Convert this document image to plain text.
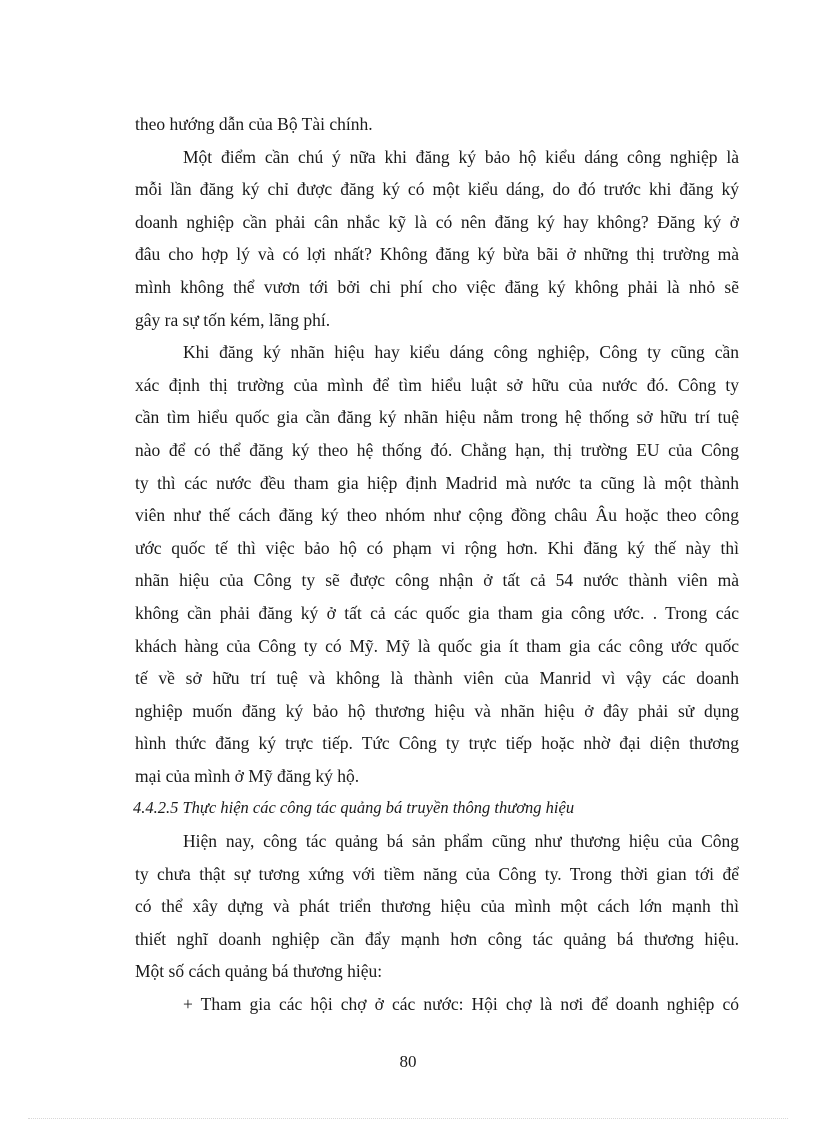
theo hướng dẫn của Bộ Tài chính.
Một điểm cần chú ý nữa khi đăng ký bảo hộ kiểu dáng công nghiệp là
mỗi lần đăng ký chỉ được đăng ký có một kiểu dáng, do đó trước khi đăng ký
doanh nghiệp cần phải cân nhắc kỹ là có nên đăng ký hay không? Đăng ký ở
đâu cho hợp lý và có lợi nhất? Không đăng ký bừa bãi ở những thị trường mà
mình không thể vươn tới bởi chi phí cho việc đăng ký không phải là nhỏ sẽ
gây ra sự tốn kém, lãng phí.
Khi đăng ký nhãn hiệu hay kiểu dáng công nghiệp, Công ty cũng cần
xác định thị trường của mình để tìm hiểu luật sở hữu của nước đó. Công ty
cần tìm hiểu quốc gia cần đăng ký nhãn hiệu nằm trong hệ thống sở hữu trí tuệ
nào để có thể đăng ký theo hệ thống đó. Chẳng hạn, thị trường EU của Công
ty thì các nước đều tham gia hiệp định Madrid mà nước ta cũng là một thành
viên như thế cách đăng ký theo nhóm như cộng đồng châu Âu hoặc theo công
ước quốc tế thì việc bảo hộ có phạm vi rộng hơn. Khi đăng ký thế này thì
nhãn hiệu của Công ty sẽ được công nhận ở tất cả 54 nước thành viên mà
không cần phải đăng ký ở tất cả các quốc gia tham gia công ước. . Trong các
khách hàng của Công ty có Mỹ. Mỹ là quốc gia ít tham gia các công ước quốc
tế về sở hữu trí tuệ và không là thành viên của Manrid vì vậy các doanh
nghiệp muốn đăng ký bảo hộ thương hiệu và nhãn hiệu ở đây phải sử dụng
hình thức đăng ký trực tiếp. Tức Công ty trực tiếp hoặc nhờ đại diện thương
mại của mình ở Mỹ đăng ký hộ.
4.4.2.5 Thực hiện các công tác quảng bá truyền thông thương hiệu
Hiện nay, công tác quảng bá sản phẩm cũng như thương hiệu của Công
ty chưa thật sự tương xứng với tiềm năng của Công ty. Trong thời gian tới để
có thể xây dựng và phát triển thương hiệu của mình một cách lớn mạnh thì
thiết nghĩ doanh nghiệp cần đẩy mạnh hơn công tác quảng bá thương hiệu.
Một số cách quảng bá thương hiệu:
+ Tham gia các hội chợ ở các nước: Hội chợ là nơi để doanh nghiệp có
80
